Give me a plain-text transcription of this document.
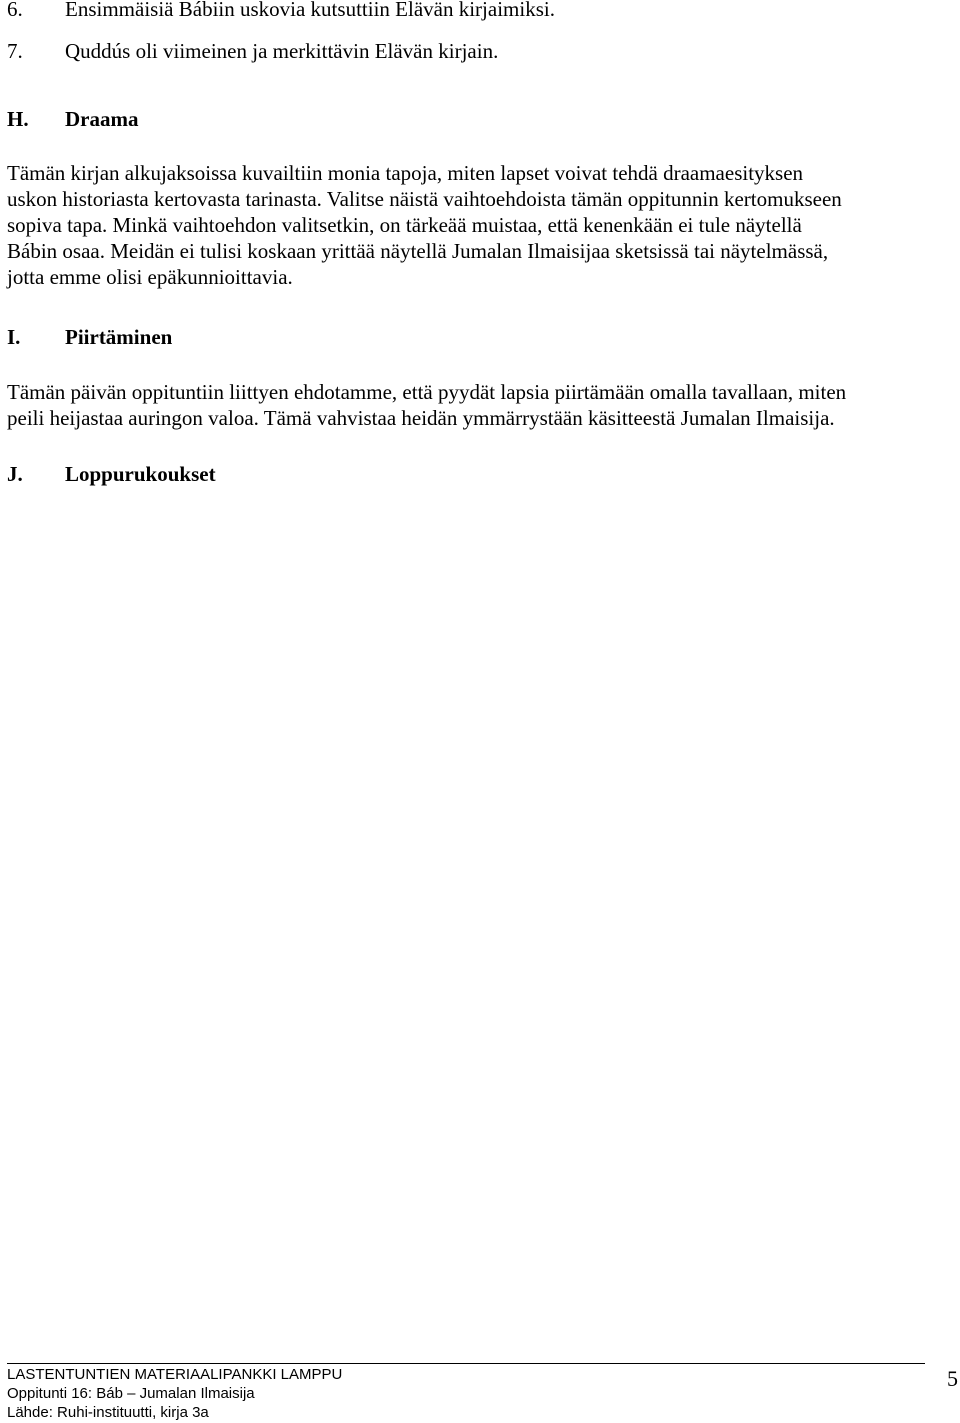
6. Ensimmäisiä Bábiin uskovia kutsuttiin Elävän kirjaimiksi.
7. Quddús oli viimeinen ja merkittävin Elävän kirjain.
H. Draama
Tämän kirjan alkujaksoissa kuvailtiin monia tapoja, miten lapset voivat tehdä draamaesityksen
uskon historiasta kertovasta tarinasta. Valitse näistä vaihtoehdoista tämän oppitunnin kertomukseen
sopiva tapa. Minkä vaihtoehdon valitsetkin, on tärkeää muistaa, että kenenkään ei tule näytellä
Bábin osaa. Meidän ei tulisi koskaan yrittää näytellä Jumalan Ilmaisijaa sketsissä tai näytelmässä,
jotta emme olisi epäkunnioittavia.
I. Piirtäminen
Tämän päivän oppituntiin liittyen ehdotamme, että pyydät lapsia piirtämään omalla tavallaan, miten
peili heijastaa auringon valoa. Tämä vahvistaa heidän ymmärrystään käsitteestä Jumalan Ilmaisija.
J. Loppurukoukset
LASTENTUNTIEN MATERIAALIPANKKI LAMPPU
Oppitunti 16: Báb – Jumalan Ilmaisija
Lähde: Ruhi-instituutti, kirja 3a
5
